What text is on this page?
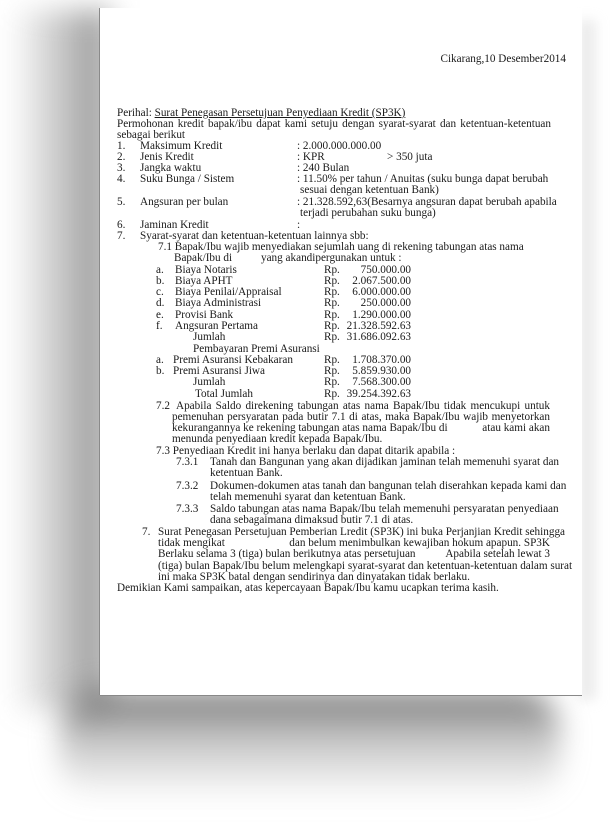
Cikarang,10 Desember2014
Perihal: Surat Penegasan Persetujuan Penyediaan Kredit (SP3K)
Permohonan kredit bapak/ibu dapat kami setuju dengan syarat-syarat dan ketentuan-ketentuan
sebagai berikut
1. Maksimum Kredit	: 2.000.000.000.00
2. Jenis Kredit	: KPR	> 350 juta
3. Jangka waktu	: 240 Bulan
4. Suku Bunga / Sistem	: 11.50% per tahun / Anuitas (suku bunga dapat berubah
sesuai dengan ketentuan Bank)
5. Angsuran per bulan	: 21.328.592,63(Besarnya angsuran dapat berubah apabila
terjadi perubahan suku bunga)
6. Jaminan Kredit	:
7. Syarat-syarat dan ketentuan-ketentuan lainnya sbb:
7.1 Bapak/Ibu wajib menyediakan sejumlah uang di rekening tabungan atas nama
Bapak/Ibu di	yang akandipergunakan untuk :
a. Biaya Notaris	Rp.	750.000.00
b. Biaya APHT	Rp.	2.067.500.00
c. Biaya Penilai/Appraisal	Rp.	6.000.000.00
d. Biaya Administrasi	Rp.	250.000.00
e. Provisi Bank	Rp.	1.290.000.00
f. Angsuran Pertama	Rp. 21.328.592.63
Jumlah	Rp. 31.686.092.63
Pembayaran Premi Asuransi
a. Premi Asuransi Kebakaran	Rp.	1.708.370.00
b. Premi Asuransi Jiwa	Rp.	5.859.930.00
Jumlah	Rp.	7.568.300.00
Total Jumlah	Rp. 39.254.392.63
7.2 Apabila Saldo direkening tabungan atas nama Bapak/Ibu tidak mencukupi untuk
pemenuhan persyaratan pada butir 7.1 di atas, maka Bapak/Ibu wajib menyetorkan
kekurangannya ke rekening tabungan atas nama Bapak/Ibu di	atau kami akan
menunda penyediaan kredit kepada Bapak/Ibu.
7.3 Penyediaan Kredit ini hanya berlaku dan dapat ditarik apabila :
7.3.1 Tanah dan Bangunan yang akan dijadikan jaminan telah memenuhi syarat dan
ketentuan Bank.
7.3.2 Dokumen-dokumen atas tanah dan bangunan telah diserahkan kepada kami dan
telah memenuhi syarat dan ketentuan Bank.
7.3.3 Saldo tabungan atas nama Bapak/Ibu telah memenuhi persyaratan penyediaan
dana sebagaimana dimaksud butir 7.1 di atas.
7. Surat Penegasan Persetujuan Pemberian Lredit (SP3K) ini buka Perjanjian Kredit sehingga
tidak mengikat	dan belum menimbulkan kewajiban hokum apapun. SP3K
Berlaku selama 3 (tiga) bulan berikutnya atas persetujuan	Apabila setelah lewat 3
(tiga) bulan Bapak/Ibu belum melengkapi syarat-syarat dan ketentuan-ketentuan dalam surat
ini maka SP3K batal dengan sendirinya dan dinyatakan tidak berlaku.
Demikian Kami sampaikan, atas kepercayaan Bapak/Ibu kamu ucapkan terima kasih.
